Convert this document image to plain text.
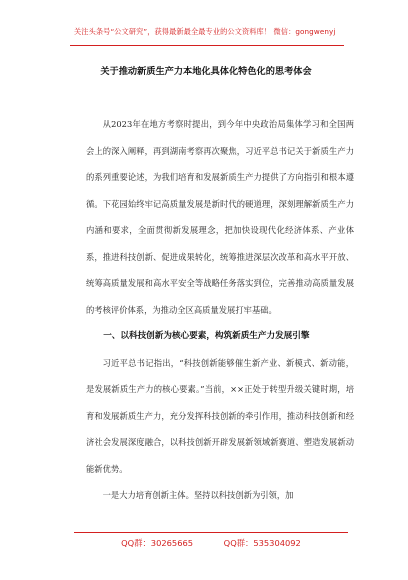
关注头条号“公文研究”，获得最新最全最专业的公文资料库！ 微信：gongwenyj
关于推动新质生产力本地化具体化特色化的思考体会

从2023年在地方考察时提出，到今年中央政治局集体学习和全国两会上的深入阐释，再到湖南考察再次聚焦，习近平总书记关于新质生产力的系列重要论述，为我们培育和发展新质生产力提供了方向指引和根本遵循。下花园始终牢记高质量发展是新时代的硬道理，深刻理解新质生产力内涵和要求，全面贯彻新发展理念，把加快设现代化经济体系、产业体系，推进科技创新、促进成果转化，统筹推进深层次改革和高水平开放、统筹高质量发展和高水平安全等战略任务落实到位，完善推动高质量发展的考核评价体系，为推动全区高质量发展打牢基础。

一、以科技创新为核心要素，构筑新质生产力发展引擎

习近平总书记指出，“科技创新能够催生新产业、新模式、新动能，是发展新质生产力的核心要素。”当前，××正处于转型升级关键时期，培育和发展新质生产力，充分发挥科技创新的牵引作用，推动科技创新和经济社会发展深度融合，以科技创新开辟发展新领域新赛道、塑造发展新动能新优势。

一是大力培育创新主体。坚持以科技创新为引领，加

QQ群：30265665	QQ群：535304092
